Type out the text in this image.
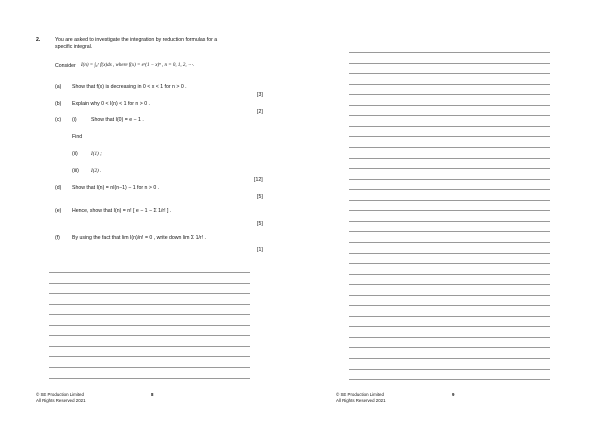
2.	You are asked to investigate the integration by reduction formulas for a
specific integral.
Consider I(n) = ∫₀ˣ f(x)dx , where f(x) = eˣ(1 − x)ⁿ , n = 0, 1, 2, ⋯.
(a) Show that f(x) is decreasing in 0 < x < 1 for n > 0 .
[3]
(b) Explain why 0 < I(n) < 1 for n > 0 .
[2]
(c) (i)	Show that I(0) = e − 1 .
Find
(ii)	I(1) ;
(iii) I(2) .
[12]
(d) Show that I(n) = nI(n−1) − 1 for n > 0 .
[5]
(e) Hence, show that I(n) = n! [ e − 1 − Σ 1/r! ] .
[5]
(f) By using the fact that lim I(n)/n! = 0 , write down lim Σ 1/r! .
[1]
© SE Production Limited
All Rights Reserved 2021
8	© SE Production Limited
All Rights Reserved 2021
9
